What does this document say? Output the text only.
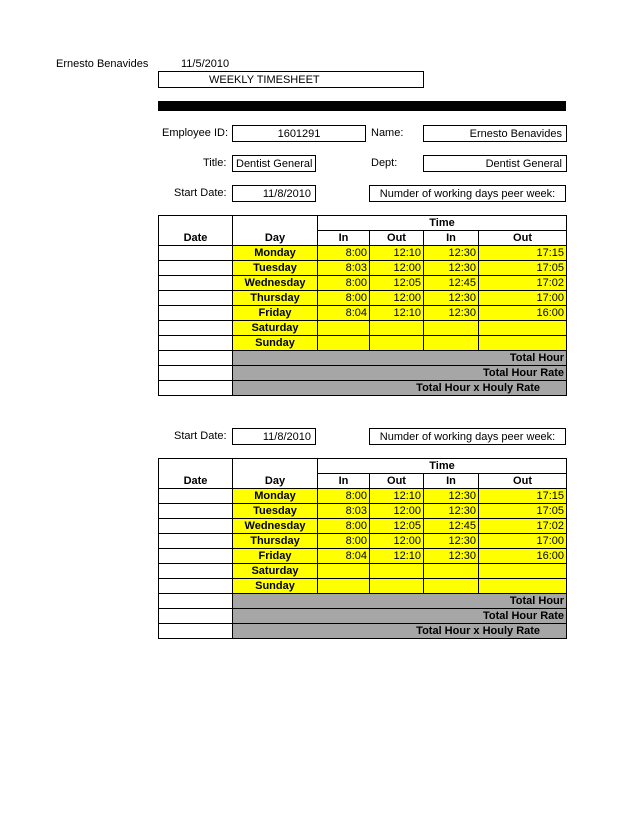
Ernesto Benavides	11/5/2010
WEEKLY TIMESHEET
Employee ID:	1601291	Name:	Ernesto Benavides
Title: Dentist General	Dept:	Dentist General
Start Date:	11/8/2010	Numder of working days peer week:
		Time			
Date	Day	In	Out	In	Out
	Monday	8:00	12:10	12:30	17:15
	Tuesday	8:03	12:00	12:30	17:05
	Wednesday	8:00	12:05	12:45	17:02
	Thursday	8:00	12:00	12:30	17:00
	Friday	8:04	12:10	12:30	16:00
	Saturday				
	Sunday				
	Total Hour				
	Total Hour Rate				
	Total Hour x Houly Rate				
Start Date:	11/8/2010	Numder of working days peer week:
		Time			
Date	Day	In	Out	In	Out
	Monday	8:00	12:10	12:30	17:15
	Tuesday	8:03	12:00	12:30	17:05
	Wednesday	8:00	12:05	12:45	17:02
	Thursday	8:00	12:00	12:30	17:00
	Friday	8:04	12:10	12:30	16:00
	Saturday				
	Sunday				
	Total Hour				
	Total Hour Rate				
	Total Hour x Houly Rate				
